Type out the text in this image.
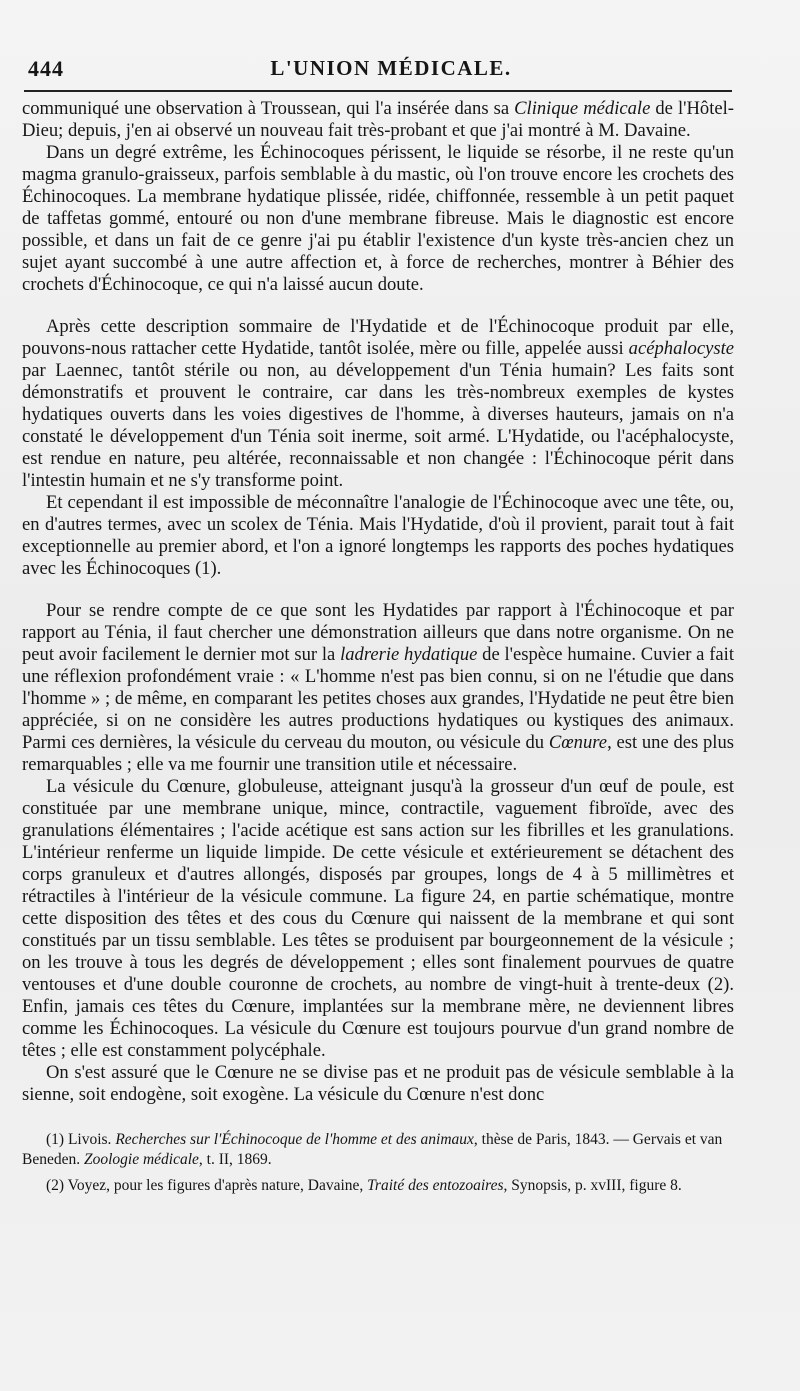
444	L'UNION MÉDICALE.

communiqué une observation à Troussean, qui l'a insérée dans sa Clinique médicale de l'Hôtel-Dieu; depuis, j'en ai observé un nouveau fait très-probant et que j'ai montré à M. Davaine.

Dans un degré extrême, les Échinocoques périssent, le liquide se résorbe, il ne reste qu'un magma granulo-graisseux, parfois semblable à du mastic, où l'on trouve encore les crochets des Échinocoques. La membrane hydatique plissée, ridée, chiffonnée, ressemble à un petit paquet de taffetas gommé, entouré ou non d'une membrane fibreuse. Mais le diagnostic est encore possible, et dans un fait de ce genre j'ai pu établir l'existence d'un kyste très-ancien chez un sujet ayant succombé à une autre affection et, à force de recherches, montrer à Béhier des crochets d'Échinocoque, ce qui n'a laissé aucun doute.

Après cette description sommaire de l'Hydatide et de l'Échinocoque produit par elle, pouvons-nous rattacher cette Hydatide, tantôt isolée, mère ou fille, appelée aussi acéphalocyste par Laennec, tantôt stérile ou non, au développement d'un Ténia humain? Les faits sont démonstratifs et prouvent le contraire, car dans les très-nombreux exemples de kystes hydatiques ouverts dans les voies digestives de l'homme, à diverses hauteurs, jamais on n'a constaté le développement d'un Ténia soit inerme, soit armé. L'Hydatide, ou l'acéphalocyste, est rendue en nature, peu altérée, reconnaissable et non changée : l'Échinocoque périt dans l'intestin humain et ne s'y transforme point.

Et cependant il est impossible de méconnaître l'analogie de l'Échinocoque avec une tête, ou, en d'autres termes, avec un scolex de Ténia. Mais l'Hydatide, d'où il provient, parait tout à fait exceptionnelle au premier abord, et l'on a ignoré longtemps les rapports des poches hydatiques avec les Échinocoques (1).

Pour se rendre compte de ce que sont les Hydatides par rapport à l'Échinocoque et par rapport au Ténia, il faut chercher une démonstration ailleurs que dans notre organisme. On ne peut avoir facilement le dernier mot sur la ladrerie hydatique de l'espèce humaine. Cuvier a fait une réflexion profondément vraie : « L'homme n'est pas bien connu, si on ne l'étudie que dans l'homme » ; de même, en comparant les petites choses aux grandes, l'Hydatide ne peut être bien appréciée, si on ne considère les autres productions hydatiques ou kystiques des animaux. Parmi ces dernières, la vésicule du cerveau du mouton, ou vésicule du Cœnure, est une des plus remarquables ; elle va me fournir une transition utile et nécessaire.

La vésicule du Cœnure, globuleuse, atteignant jusqu'à la grosseur d'un œuf de poule, est constituée par une membrane unique, mince, contractile, vaguement fibroïde, avec des granulations élémentaires ; l'acide acétique est sans action sur les fibrilles et les granulations. L'intérieur renferme un liquide limpide. De cette vésicule et extérieurement se détachent des corps granuleux et d'autres allongés, disposés par groupes, longs de 4 à 5 millimètres et rétractiles à l'intérieur de la vésicule commune. La figure 24, en partie schématique, montre cette disposition des têtes et des cous du Cœnure qui naissent de la membrane et qui sont constitués par un tissu semblable. Les têtes se produisent par bourgeonnement de la vésicule ; on les trouve à tous les degrés de développement ; elles sont finalement pourvues de quatre ventouses et d'une double couronne de crochets, au nombre de vingt-huit à trente-deux (2). Enfin, jamais ces têtes du Cœnure, implantées sur la membrane mère, ne deviennent libres comme les Échinocoques. La vésicule du Cœnure est toujours pourvue d'un grand nombre de têtes ; elle est constamment polycéphale.

On s'est assuré que le Cœnure ne se divise pas et ne produit pas de vésicule semblable à la sienne, soit endogène, soit exogène. La vésicule du Cœnure n'est donc

(1) Livois. Recherches sur l'Échinocoque de l'homme et des animaux, thèse de Paris, 1843. — Gervais et van Beneden. Zoologie médicale, t. II, 1869.

(2) Voyez, pour les figures d'après nature, Davaine, Traité des entozoaires, Synopsis, p. xvIII, figure 8.
